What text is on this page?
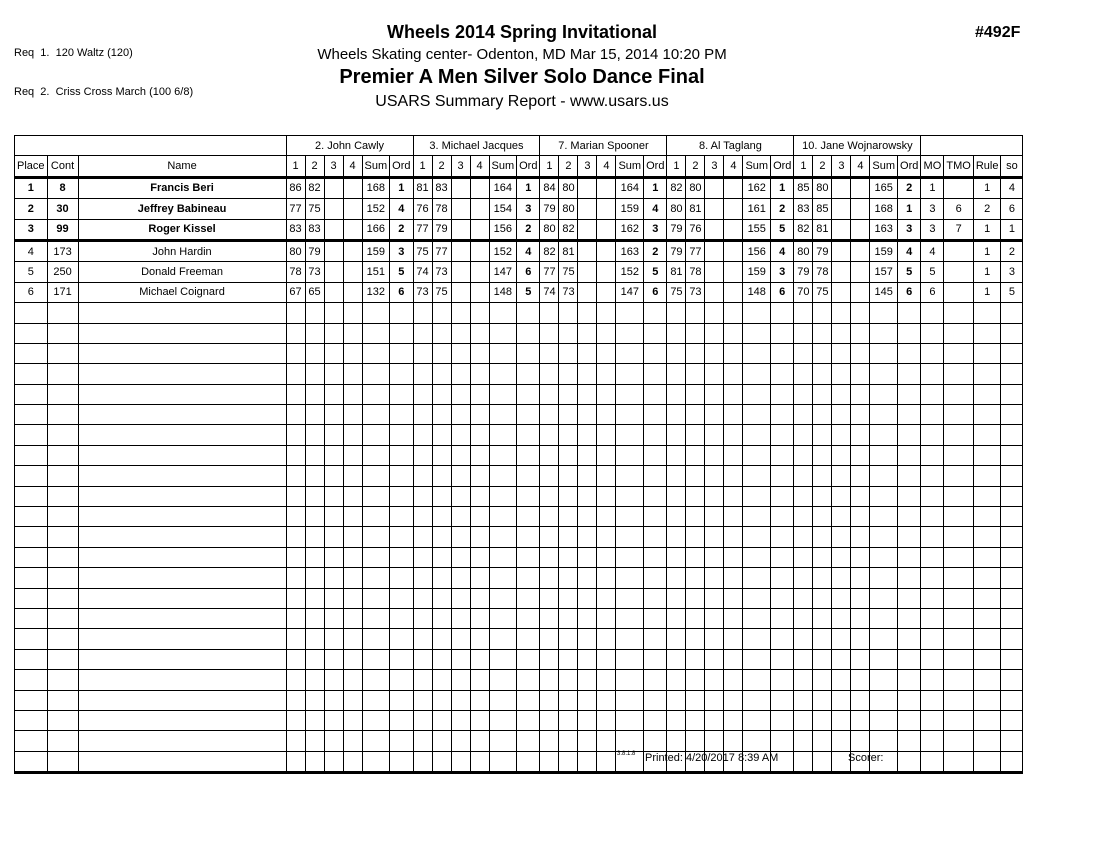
Req  1.  120 Waltz (120)

Req  2.  Criss Cross March (100 6/8)

Wheels 2014 Spring Invitational
Wheels Skating center- Odenton, MD Mar 15, 2014 10:20 PM
Premier A Men Silver Solo Dance Final
USARS Summary Report - www.usars.us
#492F
			2. John Cawly						3. Michael Jacques						7. Marian Spooner						8. Al Taglang						10. Jane Wojnarowsky									
Place	Cont	Name	1	2	3	4	Sum	Ord	1	2	3	4	Sum	Ord	1	2	3	4	Sum	Ord	1	2	3	4	Sum	Ord	1	2	3	4	Sum	Ord	MO	TMO	Rule	so
1	8	Francis Beri	86	82			168	1	81	83			164	1	84	80			164	1	82	80			162	1	85	80			165	2	1		1	4
2	30	Jeffrey Babineau	77	75			152	4	76	78			154	3	79	80			159	4	80	81			161	2	83	85			168	1	3	6	2	6
3	99	Roger Kissel	83	83			166	2	77	79			156	2	80	82			162	3	79	76			155	5	82	81			163	3	3	7	1	1
4	173	John Hardin	80	79			159	3	75	77			152	4	82	81			163	2	79	77			156	4	80	79			159	4	4		1	2
5	250	Donald Freeman	78	73			151	5	74	73			147	6	77	75			152	5	81	78			159	3	79	78			157	5	5		1	3
6	171	Michael Coignard	67	65			132	6	73	75			148	5	74	73			147	6	75	73			148	6	70	75			145	6	6		1	5

3.8.1.8 Printed: 4/20/2017 8:39 AM	Scorer:
